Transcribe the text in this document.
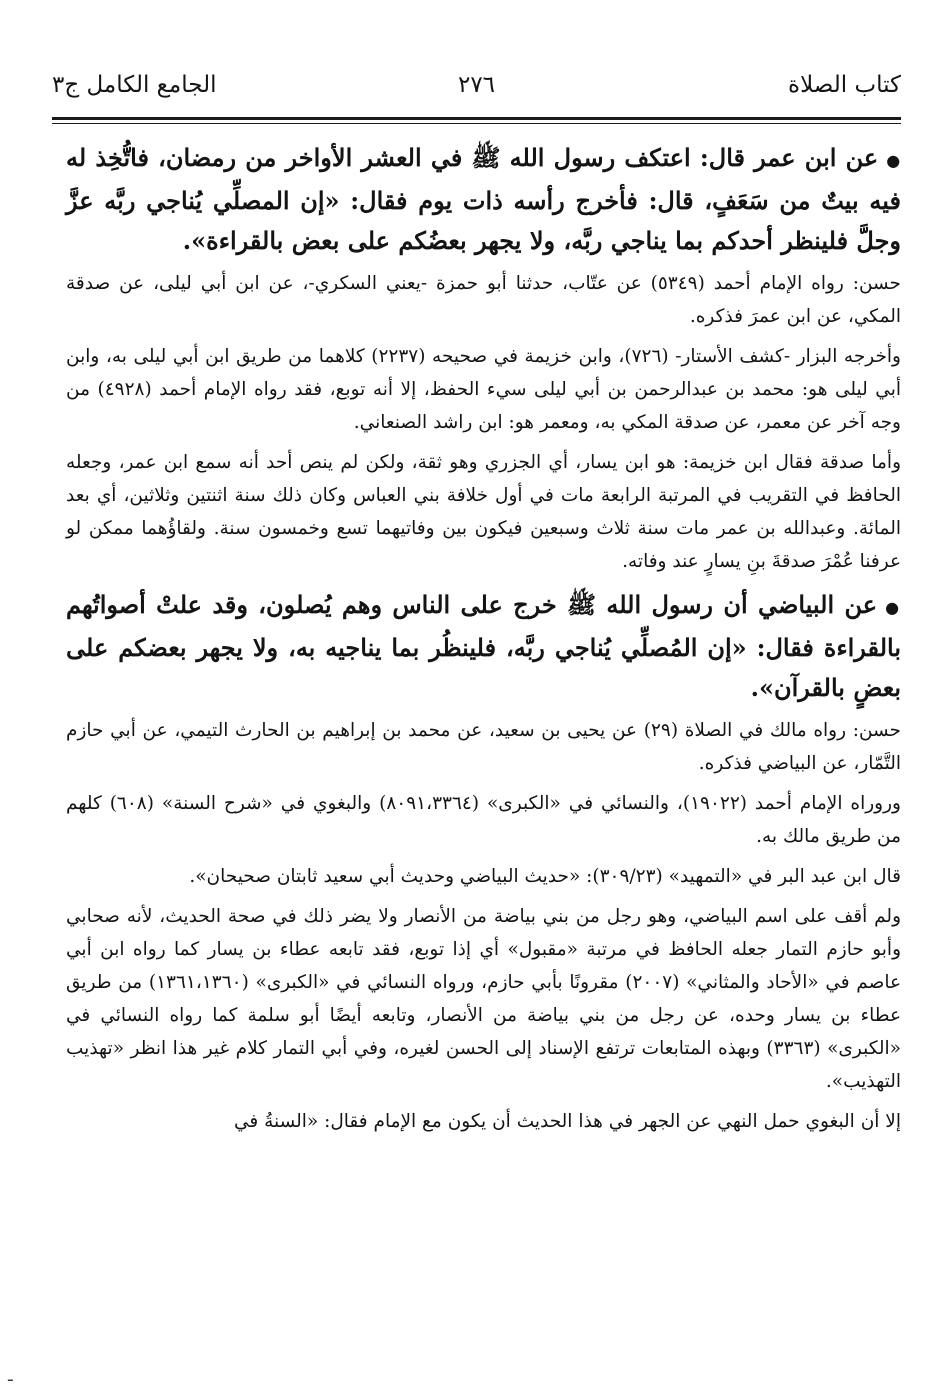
كتاب الصلاة
٢٧٦
الجامع الكامل ج٣

●عن ابن عمر قال: اعتكف رسول الله ﷺ في العشر الأواخر من رمضان، فاتُّخِذ له فيه بيتٌ من سَعَفٍ، قال: فأخرج رأسه ذات يوم فقال: «إن المصلِّي يُناجي ربَّه عزَّ وجلَّ فلينظر أحدكم بما يناجي ربَّه، ولا يجهر بعضُكم على بعض بالقراءة».

حسن: رواه الإمام أحمد (٥٣٤٩) عن عتّاب، حدثنا أبو حمزة -يعني السكري-، عن ابن أبي ليلى، عن صدقة المكي، عن ابن عمرَ فذكره.

وأخرجه البزار -كشف الأستار- (٧٢٦)، وابن خزيمة في صحيحه (٢٢٣٧) كلاهما من طريق ابن أبي ليلى به، وابن أبي ليلى هو: محمد بن عبدالرحمن بن أبي ليلى سيء الحفظ، إلا أنه توبع، فقد رواه الإمام أحمد (٤٩٢٨) من وجه آخر عن معمر، عن صدقة المكي به، ومعمر هو: ابن راشد الصنعاني.

وأما صدقة فقال ابن خزيمة: هو ابن يسار، أي الجزري وهو ثقة، ولكن لم ينص أحد أنه سمع ابن عمر، وجعله الحافظ في التقريب في المرتبة الرابعة مات في أول خلافة بني العباس وكان ذلك سنة اثنتين وثلاثين، أي بعد المائة. وعبدالله بن عمر مات سنة ثلاث وسبعين فيكون بين وفاتيهما تسع وخمسون سنة. ولقاؤُهما ممكن لو عرفنا عُمْرَ صدقةَ بنِ يسارٍ عند وفاته.

●عن البياضي أن رسول الله ﷺ خرج على الناس وهم يُصلون، وقد علتْ أصواتُهم بالقراءة فقال: «إن المُصلِّي يُناجي ربَّه، فلينظُر بما يناجيه به، ولا يجهر بعضكم على بعضٍ بالقرآن».

حسن: رواه مالك في الصلاة (٢٩) عن يحيى بن سعيد، عن محمد بن إبراهيم بن الحارث التيمي، عن أبي حازم التَّمّار، عن البياضي فذكره.

وروراه الإمام أحمد (١٩٠٢٢)، والنسائي في «الكبرى» (٨٠٩١،٣٣٦٤) والبغوي في «شرح السنة» (٦٠٨) كلهم من طريق مالك به.

قال ابن عبد البر في «التمهيد» (٣٠٩/٢٣): «حديث البياضي وحديث أبي سعيد ثابتان صحيحان».

ولم أقف على اسم البياضي، وهو رجل من بني بياضة من الأنصار ولا يضر ذلك في صحة الحديث، لأنه صحابي وأبو حازم التمار جعله الحافظ في مرتبة «مقبول» أي إذا توبع، فقد تابعه عطاء بن يسار كما رواه ابن أبي عاصم في «الأحاد والمثاني» (٢٠٠٧) مقرونًا بأبي حازم، ورواه النسائي في «الكبرى» (١٣٦١،١٣٦٠) من طريق عطاء بن يسار وحده، عن رجل من بني بياضة من الأنصار، وتابعه أيضًا أبو سلمة كما رواه النسائي في «الكبرى» (٣٣٦٣) وبهذه المتابعات ترتفع الإسناد إلى الحسن لغيره، وفي أبي التمار كلام غير هذا انظر «تهذيب التهذيب».

إلا أن البغوي حمل النهي عن الجهر في هذا الحديث أن يكون مع الإمام فقال: «السنةُ في

ـ
